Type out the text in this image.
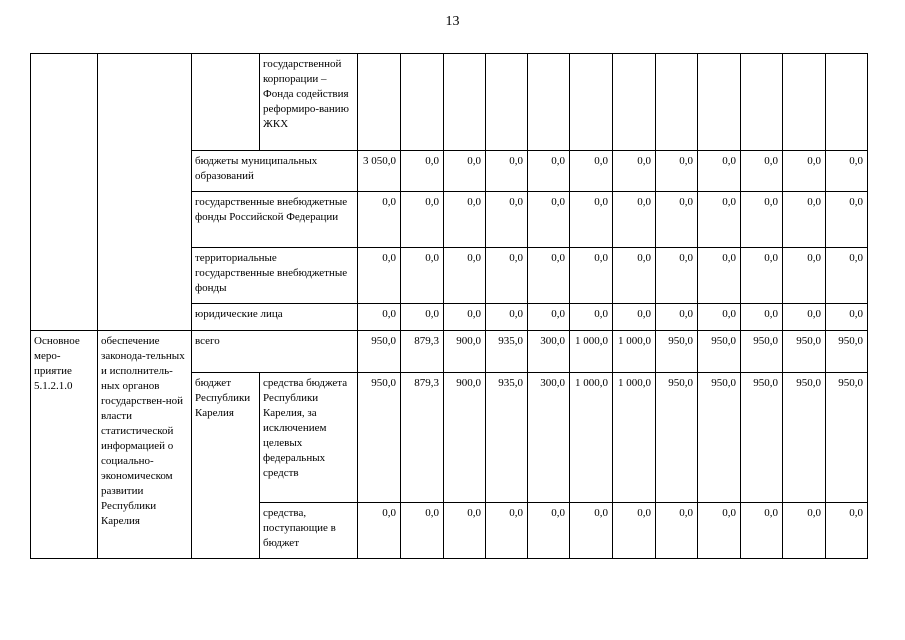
13
			государственной корпорации – Фонда содействия реформиро-ванию ЖКХ												
		бюджеты муниципальных образований		3 050,0	0,0	0,0	0,0	0,0	0,0	0,0	0,0	0,0	0,0	0,0	0,0
		государственные внебюджетные фонды Российской Федерации		0,0	0,0	0,0	0,0	0,0	0,0	0,0	0,0	0,0	0,0	0,0	0,0
		территориальные государственные внебюджетные фонды		0,0	0,0	0,0	0,0	0,0	0,0	0,0	0,0	0,0	0,0	0,0	0,0
		юридические лица		0,0	0,0	0,0	0,0	0,0	0,0	0,0	0,0	0,0	0,0	0,0	0,0
Основное меро-приятие 5.1.2.1.0	обеспечение законода-тельных и исполнитель-ных органов государствен-ной власти статистической информацией о социально-экономическом развитии Республики Карелия	всего		950,0	879,3	900,0	935,0	300,0	1 000,0	1 000,0	950,0	950,0	950,0	950,0	950,0
		бюджет Республики Карелия	средства бюджета Республики Карелия, за исключением целевых федеральных средств	950,0	879,3	900,0	935,0	300,0	1 000,0	1 000,0	950,0	950,0	950,0	950,0	950,0
			средства, поступающие в бюджет	0,0	0,0	0,0	0,0	0,0	0,0	0,0	0,0	0,0	0,0	0,0	0,0
